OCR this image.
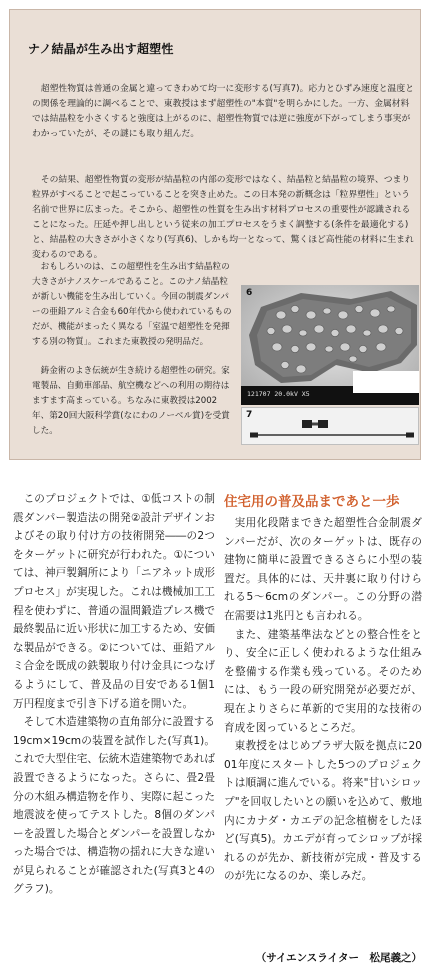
ナノ結晶が生み出す超塑性

超塑性物質は普通の金属と違ってきわめて均一に変形する(写真7)。応力とひずみ速度と温度との関係を理論的に調べることで、東教授はまず超塑性の"本質"を明らかにした。一方、金属材料では結晶粒を小さくすると強度は上がるのに、超塑性物質では逆に強度が下がってしまう事実がわかっていたが、その謎にも取り組んだ。

その結果、超塑性物質の変形が結晶粒の内部の変形ではなく、結晶粒と結晶粒の境界、つまり粒界がすべることで起こっていることを突き止めた。この日本発の新概念は「粒界塑性」という名前で世界に広まった。そこから、超塑性の性質を生み出す材料プロセスの重要性が認識されることになった。圧延や押し出しという従来の加工プロセスをうまく調整する(条件を最適化する)と、結晶粒の大きさが小さくなり(写真6)、しかも均一となって、驚くほど高性能の材料に生まれ変わるのである。

おもしろいのは、この超塑性を生み出す結晶粒の大きさがナノスケールであること。このナノ結晶粒が新しい機能を生み出していく。今回の制震ダンパーの亜鉛アルミ合金も60年代から使われているものだが、機能がまったく異なる「室温で超塑性を発揮する別の物質」。これまた東教授の発明品だ。

鋳金術のよき伝統が生き続ける超塑性の研究。家電製品、自動車部品、航空機などへの利用の期待はますます高まっている。ちなみに東教授は2002年、第20回大阪科学賞(なにわのノーベル賞)を受賞した。

6
121707 20.0kV X5
7

このプロジェクトでは、①低コストの制震ダンパー製造法の開発②設計デザインおよびその取り付け方の技術開発――の2つをターゲットに研究が行われた。①については、神戸製鋼所により「ニアネット成形プロセス」が実現した。これは機械加工工程を使わずに、普通の温間鍛造プレス機で最終製品に近い形状に加工するため、安価な製品ができる。②については、亜鉛アルミ合金を既成の鉄製取り付け金具につなげるようにして、普及品の目安である1個1万円程度まで引き下げる道を開いた。

そして木造建築物の直角部分に設置する19cm×19cmの装置を試作した(写真1)。これで大型住宅、伝統木造建築物であれば設置できるようになった。さらに、畳2畳分の木組み構造物を作り、実際に起こった地震波を使ってテストした。8個のダンパーを設置した場合とダンパーを設置しなかった場合では、構造物の揺れに大きな違いが見られることが確認された(写真3と4のグラフ)。

住宅用の普及品まであと一歩

実用化段階まできた超塑性合金制震ダンパーだが、次のターゲットは、既存の建物に簡単に設置できるさらに小型の装置だ。具体的には、天井裏に取り付けられる5～6cmのダンパー。この分野の潜在需要は1兆円とも言われる。

また、建築基準法などとの整合性をとり、安全に正しく使われるような仕組みを整備する作業も残っている。そのためには、もう一段の研究開発が必要だが、現在よりさらに革新的で実用的な技術の育成を図っているところだ。

東教授をはじめプラザ大阪を拠点に2001年度にスタートした5つのプロジェクトは順調に進んでいる。将来"甘いシロップ"を回収したいとの願いを込めて、敷地内にカナダ・カエデの記念植樹をしたほど(写真5)。カエデが育ってシロップが採れるのが先か、新技術が完成・普及するのが先になるのか、楽しみだ。

（サイエンスライター　松尾義之）
